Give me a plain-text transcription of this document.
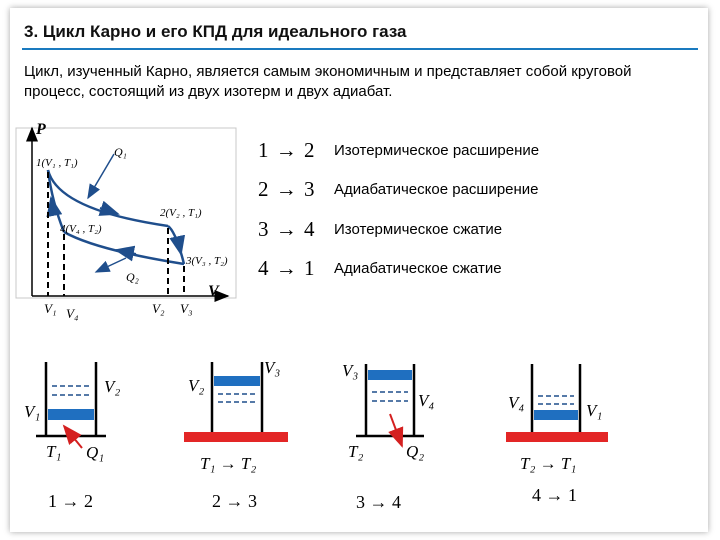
3. Цикл Карно и его КПД для идеального газа
Цикл, изученный Карно, является самым экономичным и представляет собой круговой процесс, состоящий из двух изотерм и двух адиабат.
1 → 2	Изотермическое расширение
2 → 3	Адиабатическое расширение
3 → 4	Изотермическое сжатие
4 → 1	Адиабатическое сжатие
P
V
1(V₁ , T₁)
2(V₂ , T₁)
3(V₃ , T₂)
4(V₄ , T₂)
Q₁
Q₂
V₁ V₄	V₂ V₃
V₁
V₂
T₁ Q₁
1 → 2
V₂
V₃
T₁ → T₂
2 → 3
V₃
V₄
T₂	Q₂
3 → 4
V₄	V₁
T₂ → T₁
4 → 1
